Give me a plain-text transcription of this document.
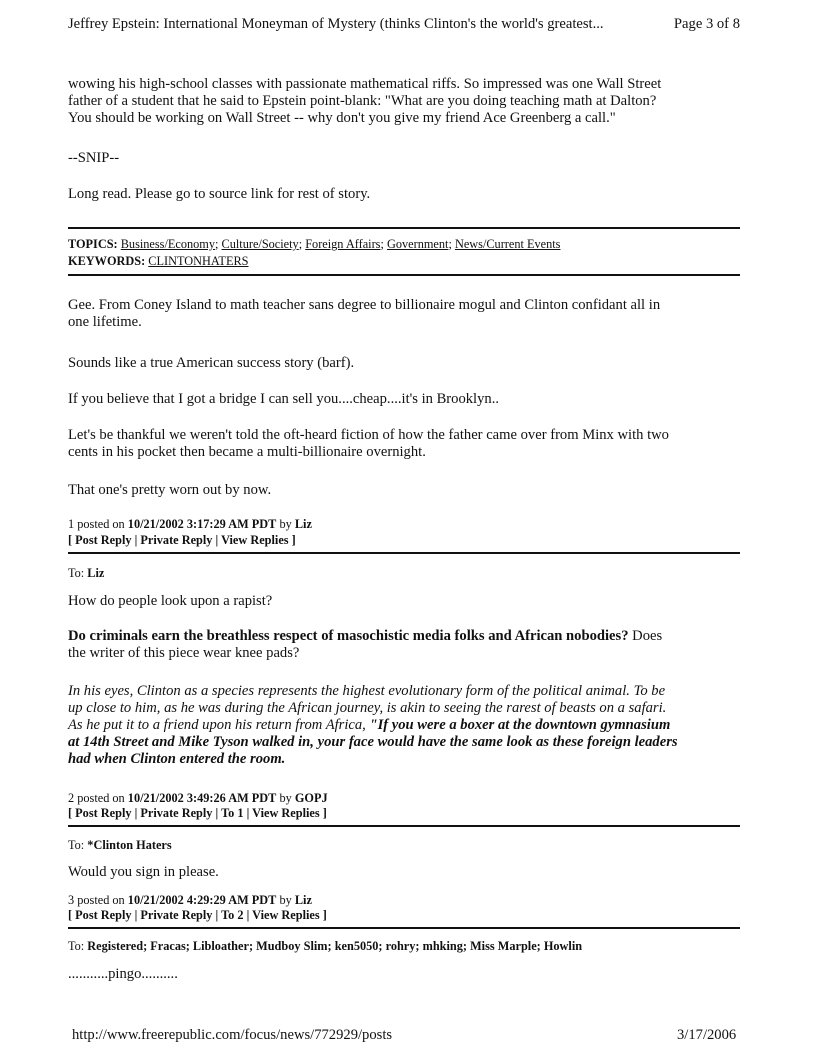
Jeffrey Epstein: International Moneyman of Mystery (thinks Clinton's the world's greatest...	Page 3 of 8
wowing his high-school classes with passionate mathematical riffs. So impressed was one Wall Street
father of a student that he said to Epstein point-blank: "What are you doing teaching math at Dalton?
You should be working on Wall Street -- why don't you give my friend Ace Greenberg a call."
--SNIP--
Long read. Please go to source link for rest of story.
TOPICS: Business/Economy; Culture/Society; Foreign Affairs; Government; News/Current Events
KEYWORDS: CLINTONHATERS
Gee. From Coney Island to math teacher sans degree to billionaire mogul and Clinton confidant all in
one lifetime.
Sounds like a true American success story (barf).
If you believe that I got a bridge I can sell you....cheap....it's in Brooklyn..
Let's be thankful we weren't told the oft-heard fiction of how the father came over from Minx with two
cents in his pocket then became a multi-billionaire overnight.
That one's pretty worn out by now.
1 posted on 10/21/2002 3:17:29 AM PDT by Liz
[ Post Reply | Private Reply | View Replies ]
To: Liz
How do people look upon a rapist?
Do criminals earn the breathless respect of masochistic media folks and African nobodies? Does
the writer of this piece wear knee pads?
In his eyes, Clinton as a species represents the highest evolutionary form of the political animal. To be
up close to him, as he was during the African journey, is akin to seeing the rarest of beasts on a safari.
As he put it to a friend upon his return from Africa, "If you were a boxer at the downtown gymnasium
at 14th Street and Mike Tyson walked in, your face would have the same look as these foreign leaders
had when Clinton entered the room.
2 posted on 10/21/2002 3:49:26 AM PDT by GOPJ
[ Post Reply | Private Reply | To 1 | View Replies ]
To: *Clinton Haters
Would you sign in please.
3 posted on 10/21/2002 4:29:29 AM PDT by Liz
[ Post Reply | Private Reply | To 2 | View Replies ]
To: Registered; Fracas; Libloather; Mudboy Slim; ken5050; rohry; mhking; Miss Marple; Howlin
...........pingo..........
http://www.freerepublic.com/focus/news/772929/posts	3/17/2006
